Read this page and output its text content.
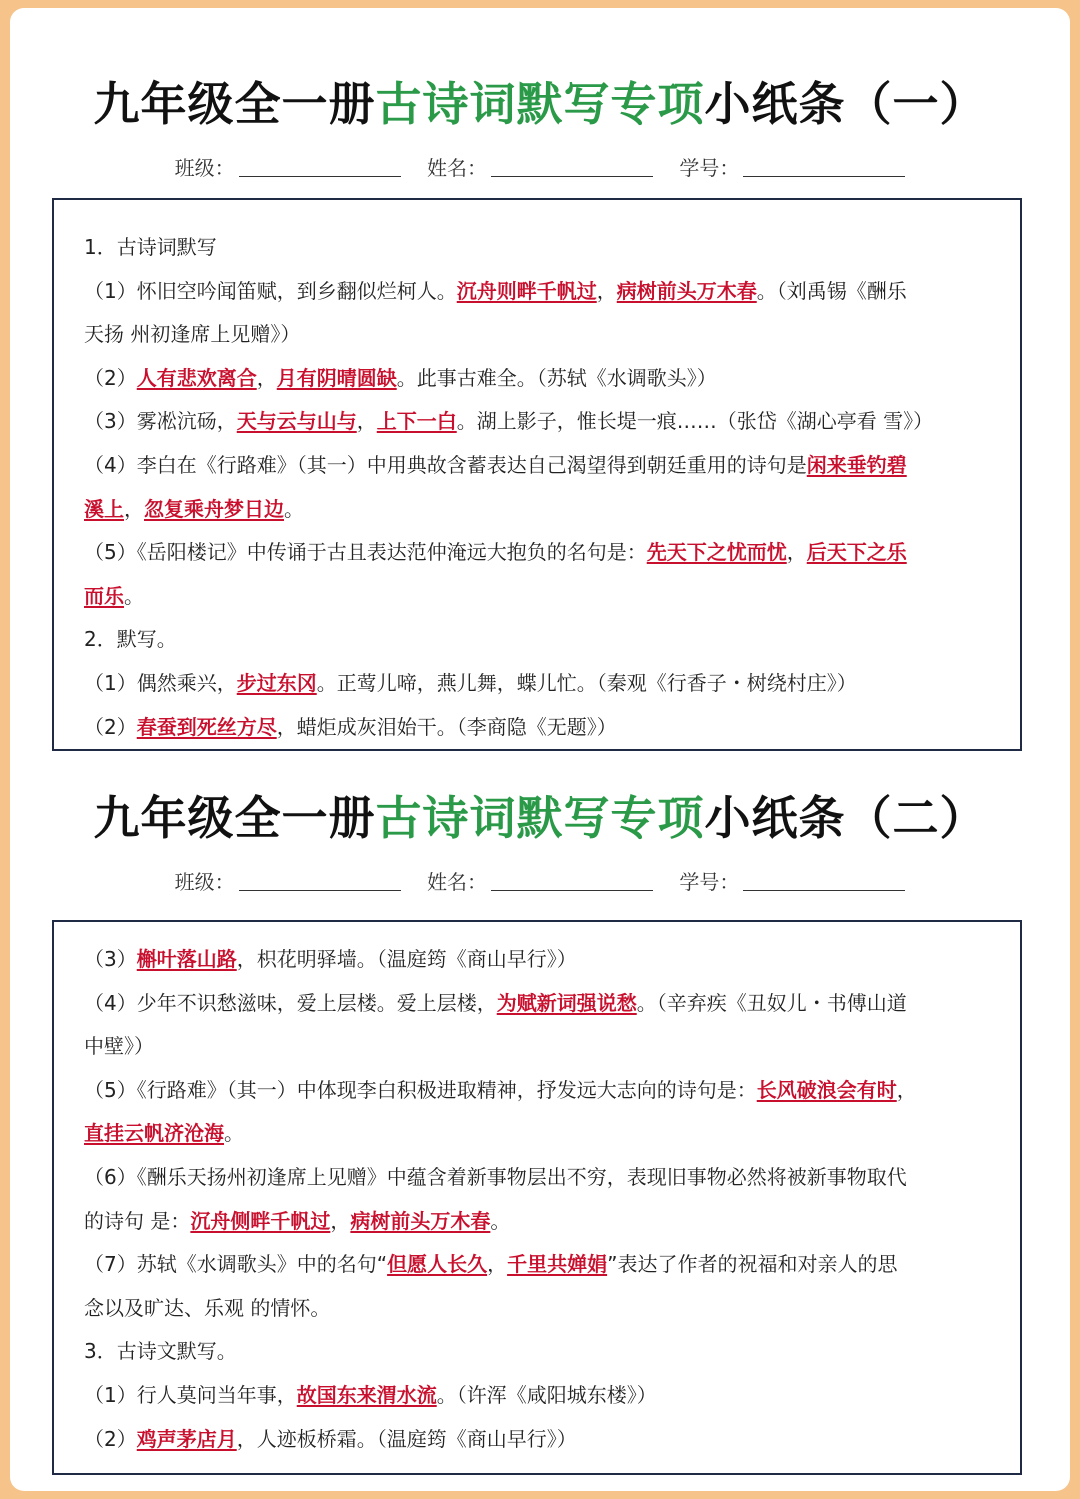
九年级全一册古诗词默写专项小纸条（一）
班级：	姓名：	学号：
1．古诗词默写
（1）怀旧空吟闻笛赋，到乡翻似烂柯人。沉舟则畔千帆过，病树前头万木春。（刘禹锡《酬乐
天扬 州初逢席上见赠》）
（2）人有悲欢离合，月有阴晴圆缺。此事古难全。（苏轼《水调歌头》）
（3）雾凇沆砀，天与云与山与，上下一白。湖上影子，惟长堤一痕……（张岱《湖心亭看 雪》）
（4）李白在《行路难》（其一）中用典故含蓄表达自己渴望得到朝廷重用的诗句是闲来垂钓碧
溪上，忽复乘舟梦日边。
（5）《岳阳楼记》中传诵于古且表达范仲淹远大抱负的名句是：先天下之忧而忧，后天下之乐
而乐。
2．默写。
（1）偶然乘兴，步过东冈。正莺儿啼，燕儿舞，蝶儿忙。（秦观《行香子・树绕村庄》）
（2）春蚕到死丝方尽，蜡炬成灰泪始干。（李商隐《无题》）
九年级全一册古诗词默写专项小纸条（二）
班级：	姓名：	学号：
（3）槲叶落山路，枳花明驿墙。（温庭筠《商山早行》）
（4）少年不识愁滋味，爱上层楼。爱上层楼，为赋新词强说愁。（辛弃疾《丑奴儿・书傅山道
中壁》）
（5）《行路难》（其一）中体现李白积极进取精神，抒发远大志向的诗句是：长风破浪会有时，
直挂云帆济沧海。
（6）《酬乐天扬州初逢席上见赠》中蕴含着新事物层出不穷，表现旧事物必然将被新事物取代
的诗句 是：沉舟侧畔千帆过，病树前头万木春。
（7）苏轼《水调歌头》中的名句“但愿人长久，千里共婵娟”表达了作者的祝福和对亲人的思
念以及旷达、乐观 的情怀。
3．古诗文默写。
（1）行人莫问当年事，故国东来渭水流。（许浑《咸阳城东楼》）
（2）鸡声茅店月，人迹板桥霜。（温庭筠《商山早行》）
